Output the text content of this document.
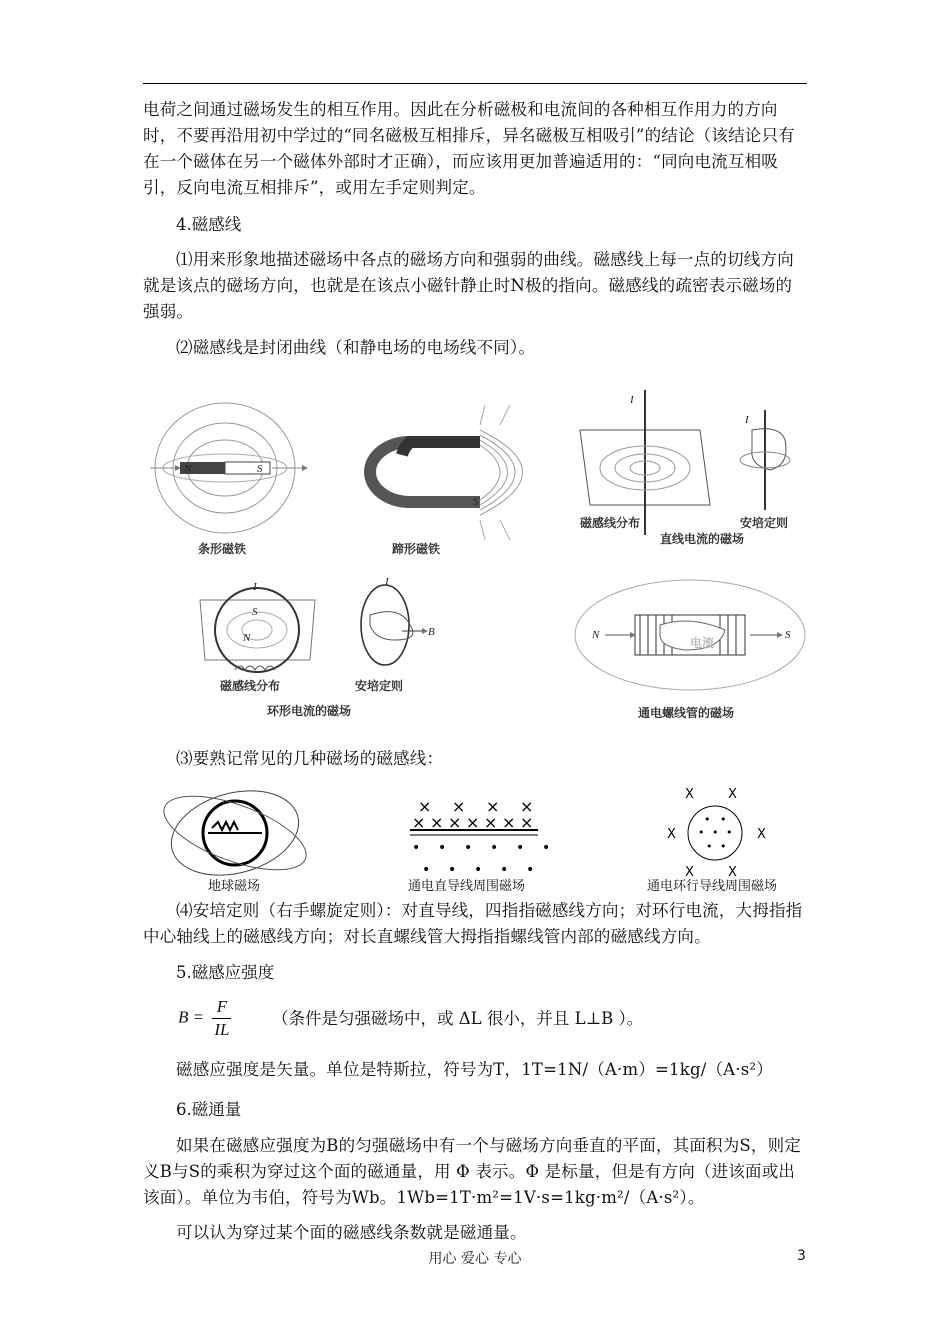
电荷之间通过磁场发生的相互作用。因此在分析磁极和电流间的各种相互作用力的方向时，不要再沿用初中学过的“同名磁极互相排斥，异名磁极互相吸引”的结论（该结论只有在一个磁体在另一个磁体外部时才正确），而应该用更加普遍适用的：“同向电流互相吸引，反向电流互相排斥”，或用左手定则判定。

4.磁感线

⑴用来形象地描述磁场中各点的磁场方向和强弱的曲线。磁感线上每一点的切线方向就是该点的磁场方向，也就是在该点小磁针静止时N极的指向。磁感线的疏密表示磁场的强弱。

⑵磁感线是封闭曲线（和静电场的电场线不同）。

N	S
条形磁铁
S
蹄形磁铁
I
磁感线分布
直线电流的磁场
I
安培定则
I
S
N
磁感线分布
环形电流的磁场
I
B
安培定则
N	S
电流
通电螺线管的磁场

⑶要熟记常见的几种磁场的磁感线：

地球磁场	通电直导线周围磁场
× × × ×
× × × × × × ×
• • • • • •
• • • • •
通电环行导线周围磁场
X	X
X	X
X	X
• •
• • •
• •

⑷安培定则（右手螺旋定则）：对直导线，四指指磁感线方向；对环行电流，大拇指指中心轴线上的磁感线方向；对长直螺线管大拇指指螺线管内部的磁感线方向。

5.磁感应强度

$B = \frac{F}{IL}$ （条件是匀强磁场中，或 ΔL 很小，并且 L⊥B ）。

磁感应强度是矢量。单位是特斯拉，符号为T，1T=1N/（A·m）=1kg/（A·s²）

6.磁通量

如果在磁感应强度为B的匀强磁场中有一个与磁场方向垂直的平面，其面积为S，则定义B与S的乘积为穿过这个面的磁通量，用 Φ 表示。Φ 是标量，但是有方向（进该面或出该面）。单位为韦伯，符号为Wb。1Wb=1T·m²=1V·s=1kg·m²/（A·s²）。

可以认为穿过某个面的磁感线条数就是磁通量。

用心 爱心 专心	3
